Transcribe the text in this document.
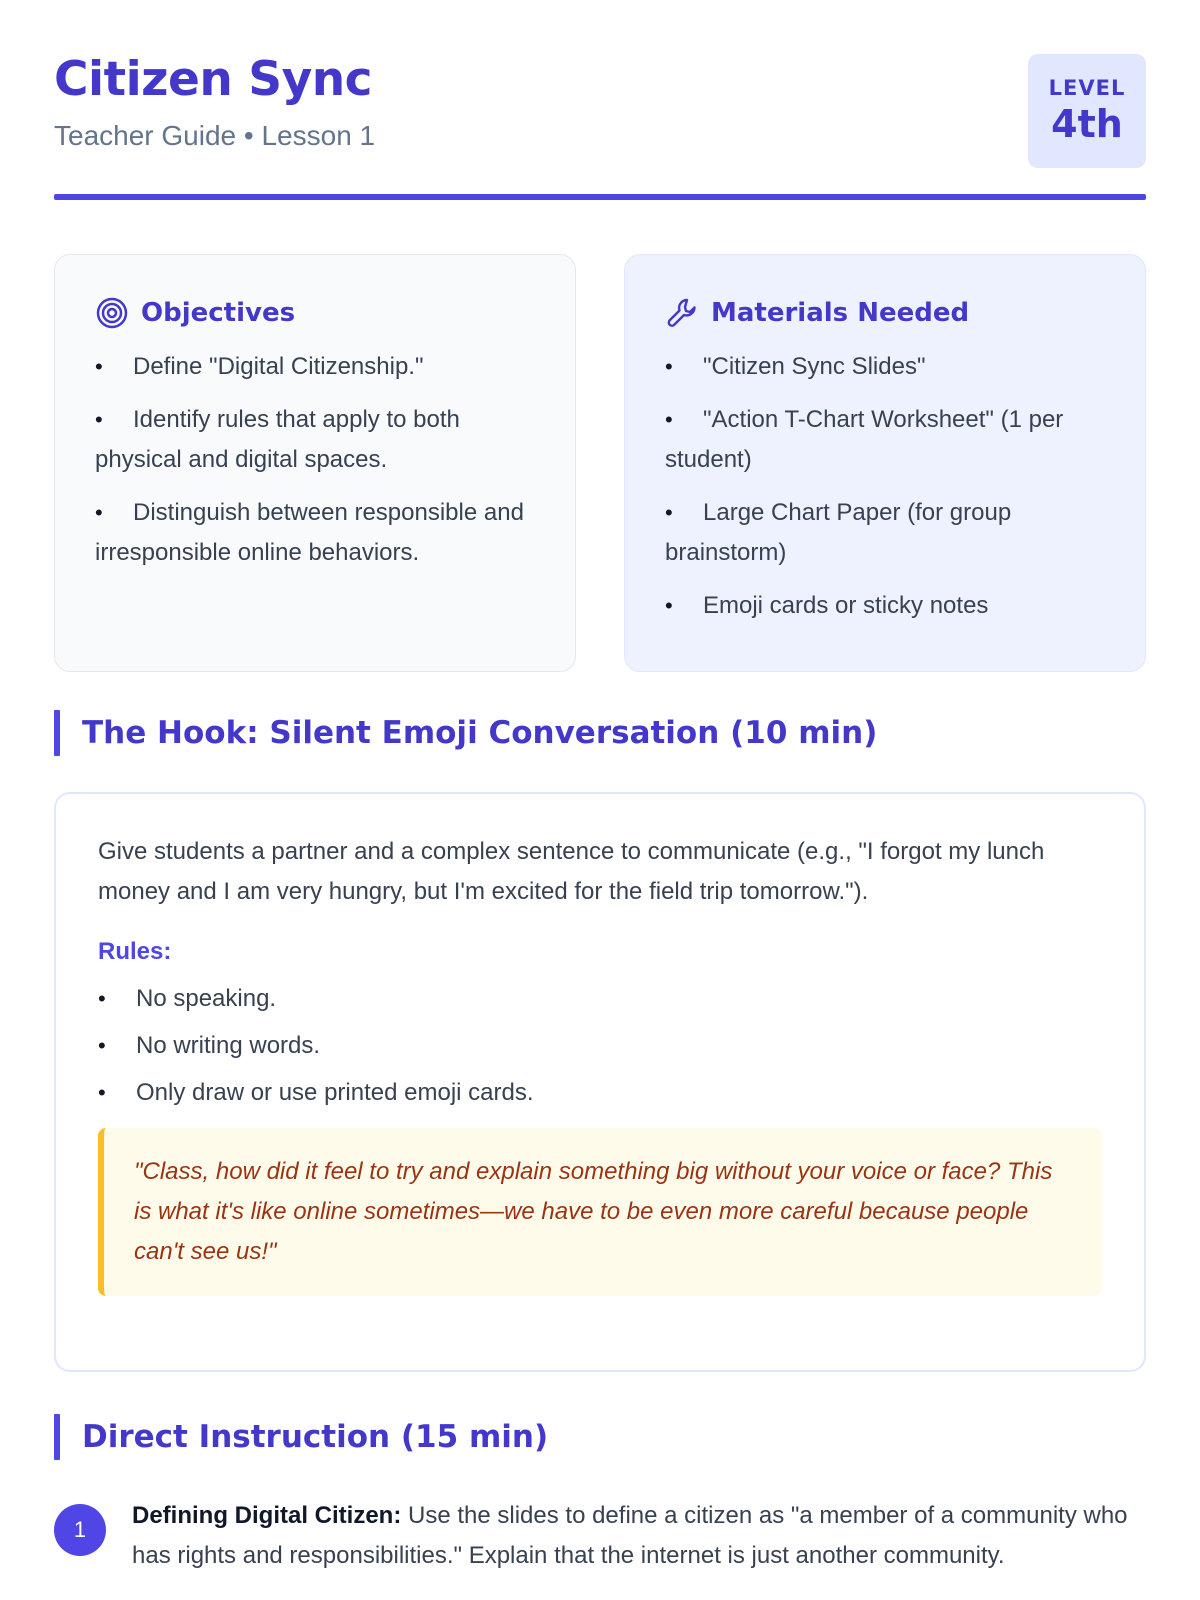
Citizen Sync
Teacher Guide • Lesson 1
LEVEL
4th
Objectives
• Define "Digital Citizenship."
• Identify rules that apply to both physical and digital spaces.
• Distinguish between responsible and irresponsible online behaviors.
Materials Needed
• "Citizen Sync Slides"
• "Action T-Chart Worksheet" (1 per student)
• Large Chart Paper (for group brainstorm)
• Emoji cards or sticky notes
The Hook: Silent Emoji Conversation (10 min)

Give students a partner and a complex sentence to communicate (e.g., "I forgot my lunch money and I am very hungry, but I'm excited for the field trip tomorrow.").

Rules:
• No speaking.
• No writing words.
• Only draw or use printed emoji cards.
"Class, how did it feel to try and explain something big without your voice or face? This is what it's like online sometimes—we have to be even more careful because people can't see us!"
Direct Instruction (15 min)
1
Defining Digital Citizen: Use the slides to define a citizen as "a member of a community who has rights and responsibilities." Explain that the internet is just another community.
